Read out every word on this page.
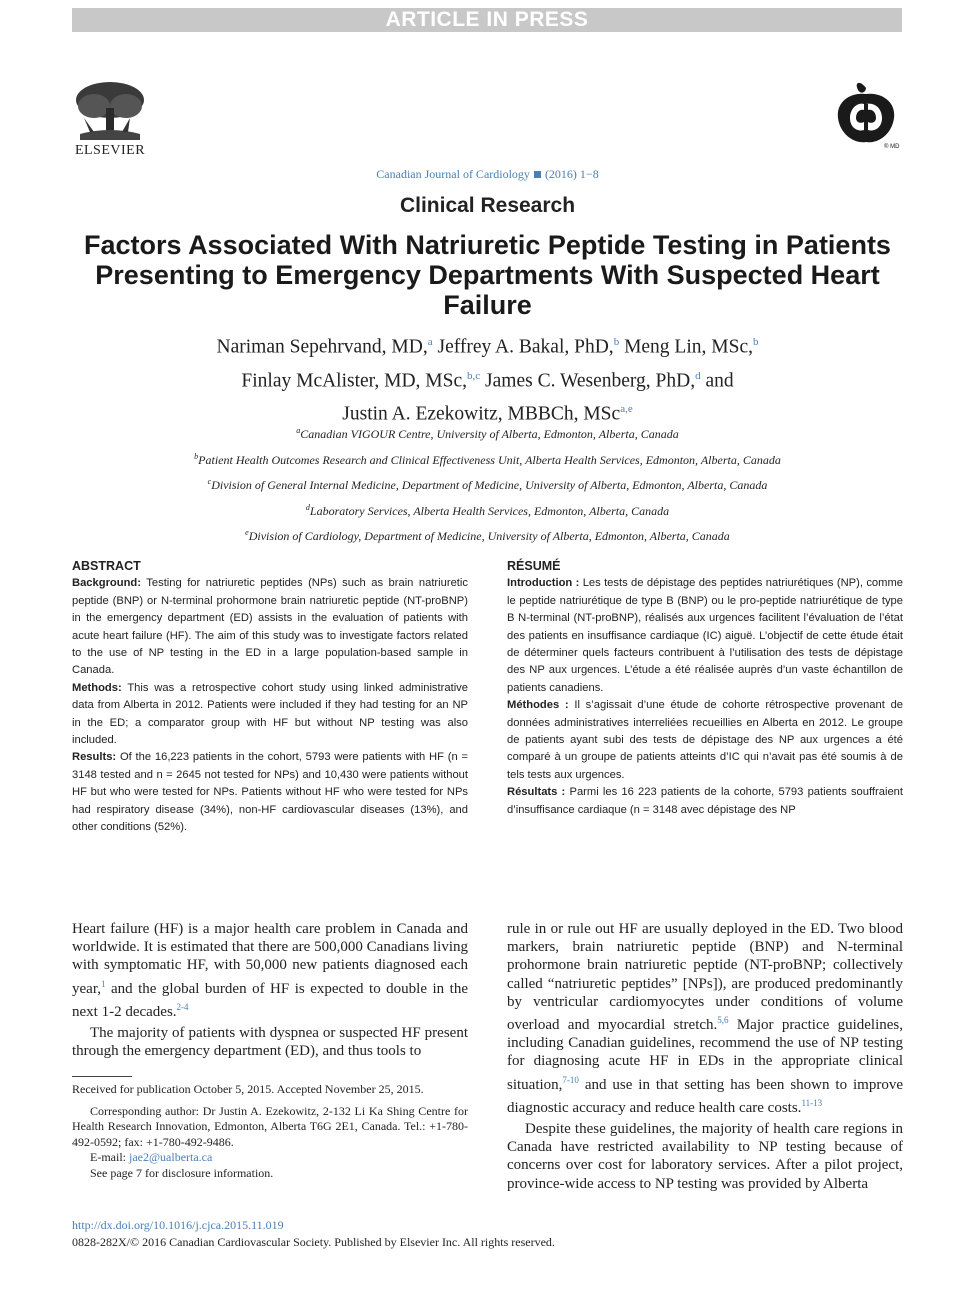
ARTICLE IN PRESS
ELSEVIER	® MD
Canadian Journal of Cardiology (2016) 1−8
Clinical Research
Factors Associated With Natriuretic Peptide Testing in Patients Presenting to Emergency Departments With Suspected Heart Failure
Nariman Sepehrvand, MD,$^a$ Jeffrey A. Bakal, PhD,$^b$ Meng Lin, MSc,$^b$
Finlay McAlister, MD, MSc,$^{b,c}$ James C. Wesenberg, PhD,$^d$ and
Justin A. Ezekowitz, MBBCh, MSc$^{a,e}$
$^a$Canadian VIGOUR Centre, University of Alberta, Edmonton, Alberta, Canada
$^b$Patient Health Outcomes Research and Clinical Effectiveness Unit, Alberta Health Services, Edmonton, Alberta, Canada
$^c$Division of General Internal Medicine, Department of Medicine, University of Alberta, Edmonton, Alberta, Canada
$^d$Laboratory Services, Alberta Health Services, Edmonton, Alberta, Canada
$^e$Division of Cardiology, Department of Medicine, University of Alberta, Edmonton, Alberta, Canada
ABSTRACT

Background: Testing for natriuretic peptides (NPs) such as brain natriuretic peptide (BNP) or N-terminal prohormone brain natriuretic peptide (NT-proBNP) in the emergency department (ED) assists in the evaluation of patients with acute heart failure (HF). The aim of this study was to investigate factors related to the use of NP testing in the ED in a large population-based sample in Canada.

Methods: This was a retrospective cohort study using linked administrative data from Alberta in 2012. Patients were included if they had testing for an NP in the ED; a comparator group with HF but without NP testing was also included.

Results: Of the 16,223 patients in the cohort, 5793 were patients with HF (n = 3148 tested and n = 2645 not tested for NPs) and 10,430 were patients without HF but who were tested for NPs. Patients without HF who were tested for NPs had respiratory disease (34%), non-HF cardiovascular diseases (13%), and other conditions (52%).

RÉSUMÉ

Introduction : Les tests de dépistage des peptides natriurétiques (NP), comme le peptide natriurétique de type B (BNP) ou le pro-peptide natriurétique de type B N-terminal (NT-proBNP), réalisés aux urgences facilitent l’évaluation de l’état des patients en insuffisance cardiaque (IC) aiguë. L’objectif de cette étude était de déterminer quels facteurs contribuent à l’utilisation des tests de dépistage des NP aux urgences. L’étude a été réalisée auprès d’un vaste échantillon de patients canadiens.

Méthodes : Il s’agissait d’une étude de cohorte rétrospective provenant de données administratives interreliées recueillies en Alberta en 2012. Le groupe de patients ayant subi des tests de dépistage des NP aux urgences a été comparé à un groupe de patients atteints d’IC qui n’avait pas été soumis à de tels tests aux urgences.

Résultats : Parmi les 16 223 patients de la cohorte, 5793 patients souffraient d’insuffisance cardiaque (n = 3148 avec dépistage des NP

Heart failure (HF) is a major health care problem in Canada and worldwide. It is estimated that there are 500,000 Canadians living with symptomatic HF, with 50,000 new patients diagnosed each year,$^1$ and the global burden of HF is expected to double in the next 1-2 decades.$^{2-4}$

The majority of patients with dyspnea or suspected HF present through the emergency department (ED), and thus tools to

rule in or rule out HF are usually deployed in the ED. Two blood markers, brain natriuretic peptide (BNP) and N-terminal prohormone brain natriuretic peptide (NT-proBNP; collectively called “natriuretic peptides” [NPs]), are produced predominantly by ventricular cardiomyocytes under conditions of volume overload and myocardial stretch.$^{5,6}$ Major practice guidelines, including Canadian guidelines, recommend the use of NP testing for diagnosing acute HF in EDs in the appropriate clinical situation,$^{7-10}$ and use in that setting has been shown to improve diagnostic accuracy and reduce health care costs.$^{11-13}$

Despite these guidelines, the majority of health care regions in Canada have restricted availability to NP testing because of concerns over cost for laboratory services. After a pilot project, province-wide access to NP testing was provided by Alberta

Received for publication October 5, 2015. Accepted November 25, 2015.

Corresponding author: Dr Justin A. Ezekowitz, 2-132 Li Ka Shing Centre for Health Research Innovation, Edmonton, Alberta T6G 2E1, Canada. Tel.: +1-780-492-0592; fax: +1-780-492-9486.

E-mail: jae2@ualberta.ca

See page 7 for disclosure information.

http://dx.doi.org/10.1016/j.cjca.2015.11.019
0828-282X/© 2016 Canadian Cardiovascular Society. Published by Elsevier Inc. All rights reserved.
